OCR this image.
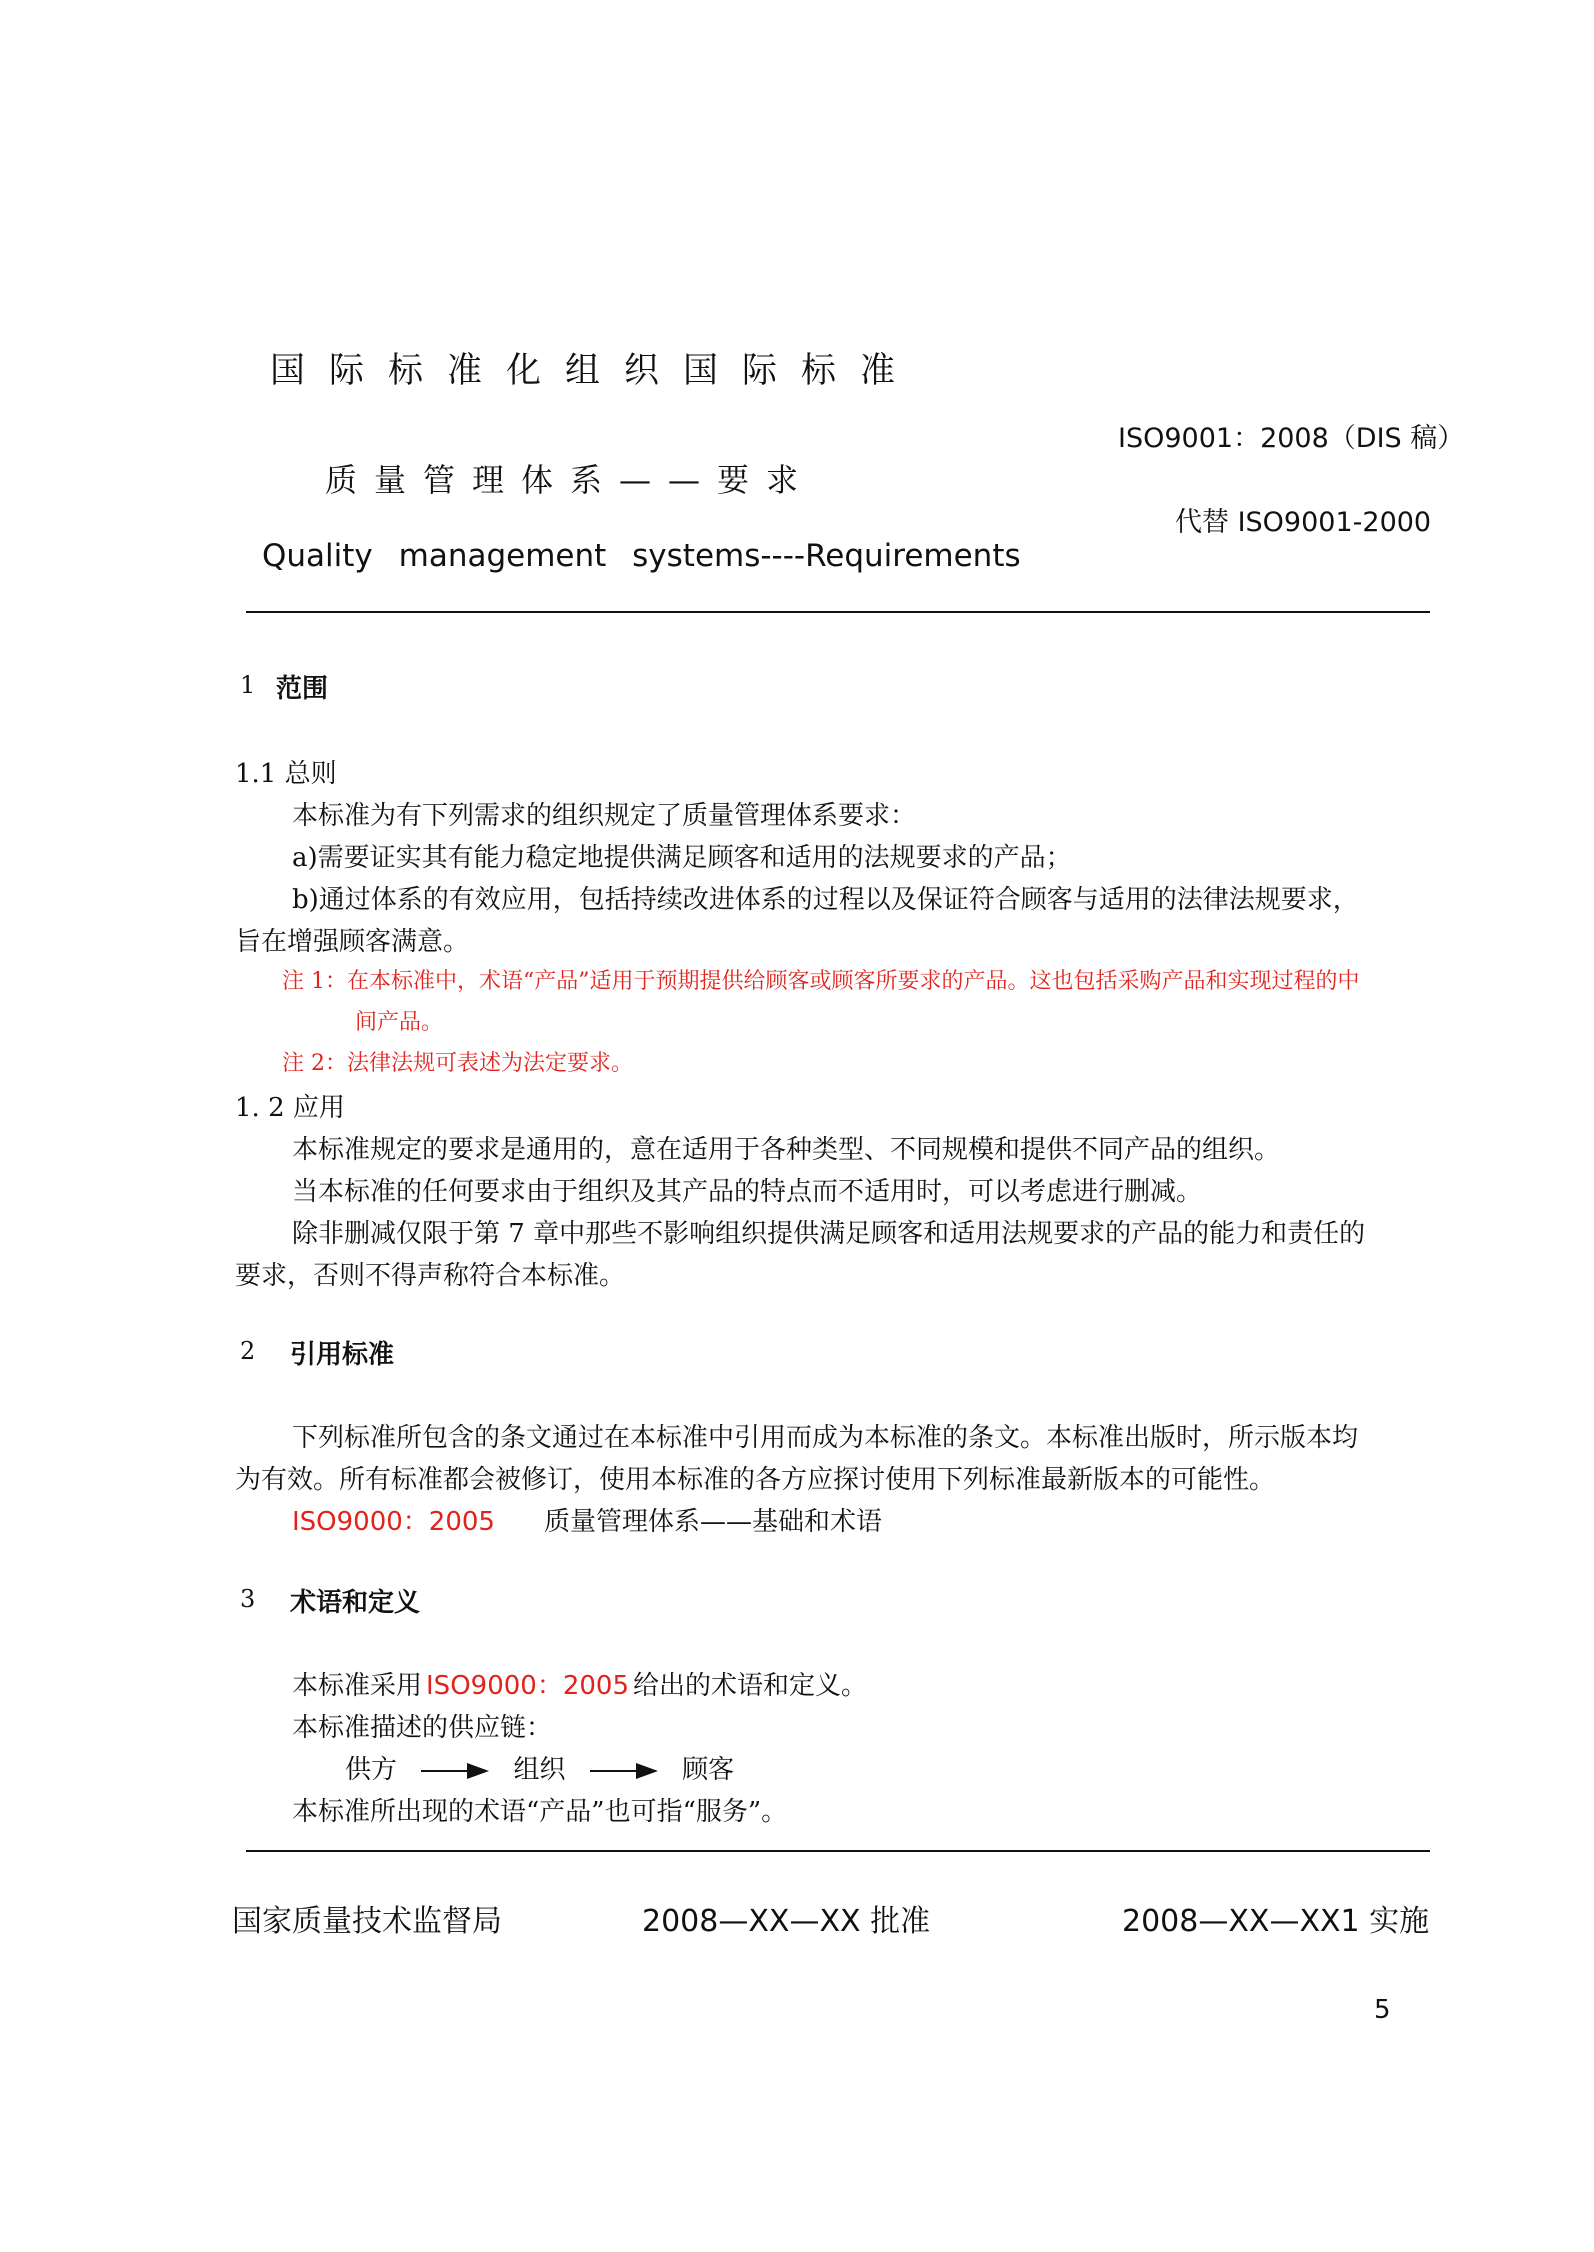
国际标准化组织国际标准
ISO9001：2008（DIS 稿）
质量管理体系——要求
代替 ISO9001-2000
Quality management systems----Requirements
1 范围
1.1 总则
本标准为有下列需求的组织规定了质量管理体系要求：
a)需要证实其有能力稳定地提供满足顾客和适用的法规要求的产品；
b)通过体系的有效应用，包括持续改进体系的过程以及保证符合顾客与适用的法律法规要求，
旨在增强顾客满意。
注 1：在本标准中，术语“产品”适用于预期提供给顾客或顾客所要求的产品。这也包括采购产品和实现过程的中
间产品。
注 2：法律法规可表述为法定要求。
1. 2 应用
本标准规定的要求是通用的，意在适用于各种类型、不同规模和提供不同产品的组织。
当本标准的任何要求由于组织及其产品的特点而不适用时，可以考虑进行删减。
除非删减仅限于第 7 章中那些不影响组织提供满足顾客和适用法规要求的产品的能力和责任的
要求，否则不得声称符合本标准。
2 引用标准
下列标准所包含的条文通过在本标准中引用而成为本标准的条文。本标准出版时，所示版本均
为有效。所有标准都会被修订，使用本标准的各方应探讨使用下列标准最新版本的可能性。
ISO9000：2005 质量管理体系——基础和术语
3 术语和定义
本标准采用 ISO9000：2005 给出的术语和定义。
本标准描述的供应链：
供方	组织	顾客
本标准所出现的术语“产品”也可指“服务”。
国家质量技术监督局	2008—XX—XX 批准	2008—XX—XX1 实施
5
